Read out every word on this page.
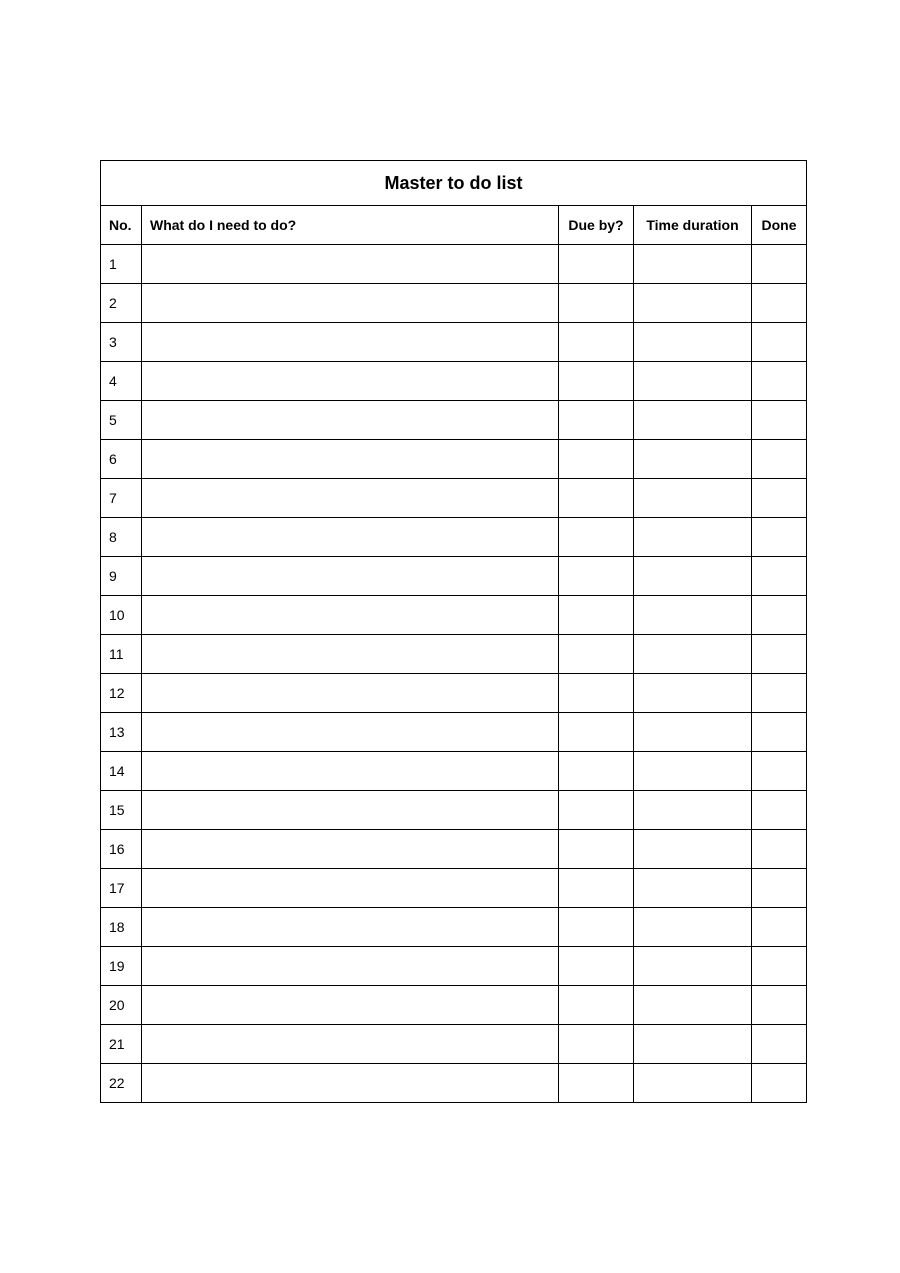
Master to do list				
No.	What do I need to do?	Due by?	Time duration	Done
1				
2				
3				
4				
5				
6				
7				
8				
9				
10				
11				
12				
13				
14				
15				
16				
17				
18				
19				
20				
21				
22				
